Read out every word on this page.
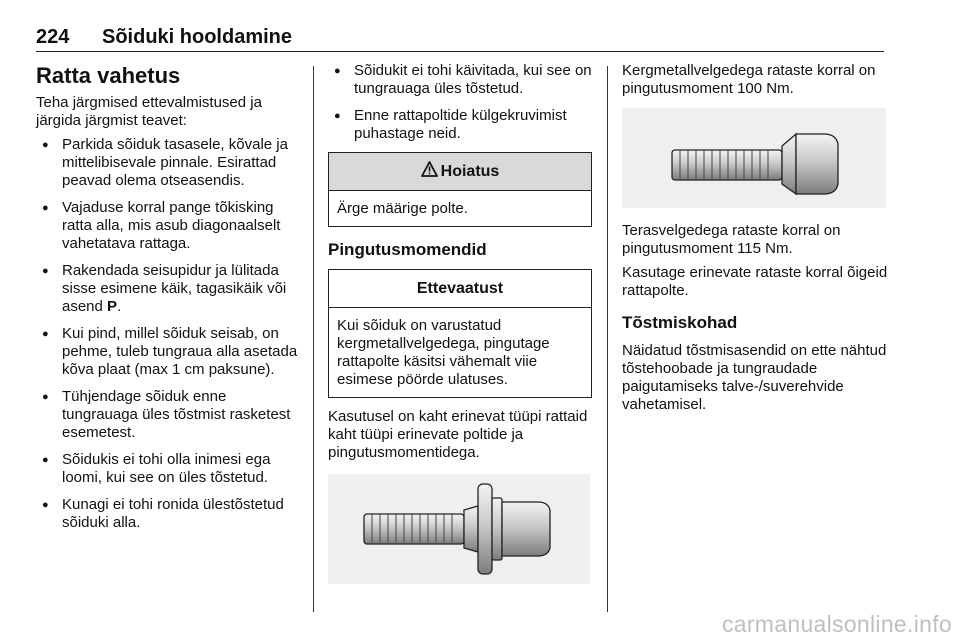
224 Sõiduki hooldamine
Ratta vahetus

Teha järgmised ettevalmistused ja järgida järgmist teavet:

● Parkida sõiduk tasasele, kõvale ja mittelibisevale pinnale. Esirattad peavad olema otseasendis.
● Vajaduse korral pange tõkisking ratta alla, mis asub diagonaalselt vahetatava rattaga.
● Rakendada seisupidur ja lülitada sisse esimene käik, tagasikäik või asend P.
● Kui pind, millel sõiduk seisab, on pehme, tuleb tungraua alla asetada kõva plaat (max 1 cm paksune).
● Tühjendage sõiduk enne tungrauaga üles tõstmist rasketest esemetest.
● Sõidukis ei tohi olla inimesi ega loomi, kui see on üles tõstetud.
● Kunagi ei tohi ronida ülestõstetud sõiduki alla.
● Sõidukit ei tohi käivitada, kui see on tungrauaga üles tõstetud.
● Enne rattapoltide külgekruvimist puhastage neid.
Hoiatus
Ärge määrige polte.
Pingutusmomendid
Ettevaatust
Kui sõiduk on varustatud kergmetallvelgedega, pingutage rattapolte käsitsi vähemalt viie esimese pöörde ulatuses.

Kasutusel on kaht erinevat tüüpi rattaid kaht tüüpi erinevate poltide ja pingutusmomentidega.

Kergmetallvelgedega rataste korral on pingutusmoment 100 Nm.

Terasvelgedega rataste korral on pingutusmoment 115 Nm.

Kasutage erinevate rataste korral õigeid rattapolte.

Tõstmiskohad

Näidatud tõstmisasendid on ette nähtud tõstehoobade ja tungraudade paigutamiseks talve-/suverehvide vahetamisel.

carmanualsonline.info
